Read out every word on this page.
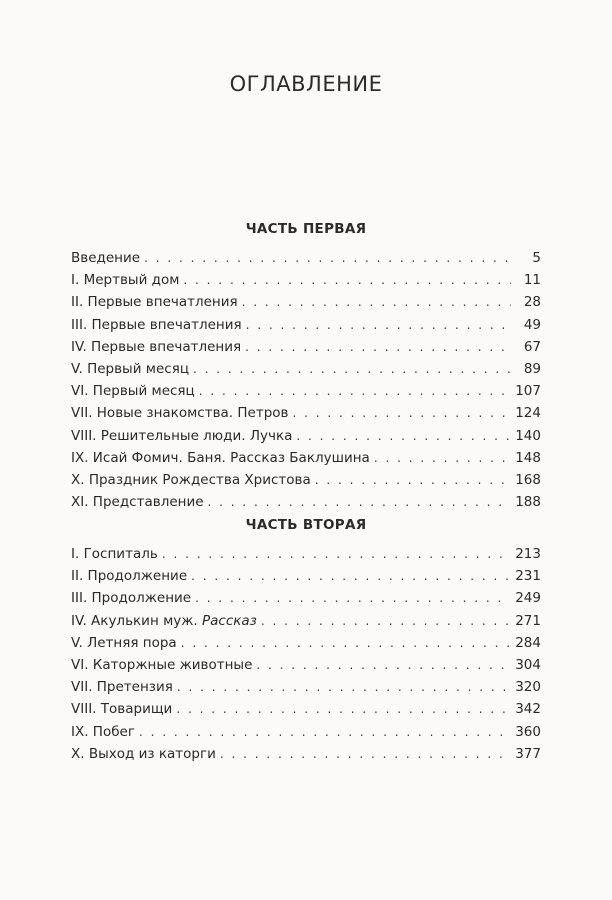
ОГЛАВЛЕНИЕ
ЧАСТЬ ПЕРВАЯ
Введение . . .	5
I. Мертвый дом . . .	11
II. Первые впечатления . . .	28
III. Первые впечатления . . .	49
IV. Первые впечатления . . .	67
V. Первый месяц . . .	89
VI. Первый месяц . . .	107
VII. Новые знакомства. Петров . . .	124
VIII. Решительные люди. Лучка . . .	140
IX. Исай Фомич. Баня. Рассказ Баклушина . . .	148
X. Праздник Рождества Христова . . .	168
XI. Представление . . .	188
ЧАСТЬ ВТОРАЯ
I. Госпиталь . . .	213
II. Продолжение . . .	231
III. Продолжение . . .	249
IV. Акулькин муж. Рассказ . . .	271
V. Летняя пора . . .	284
VI. Каторжные животные . . .	304
VII. Претензия . . .	320
VIII. Товарищи . . .	342
IX. Побег . . .	360
X. Выход из каторги . . .	377
